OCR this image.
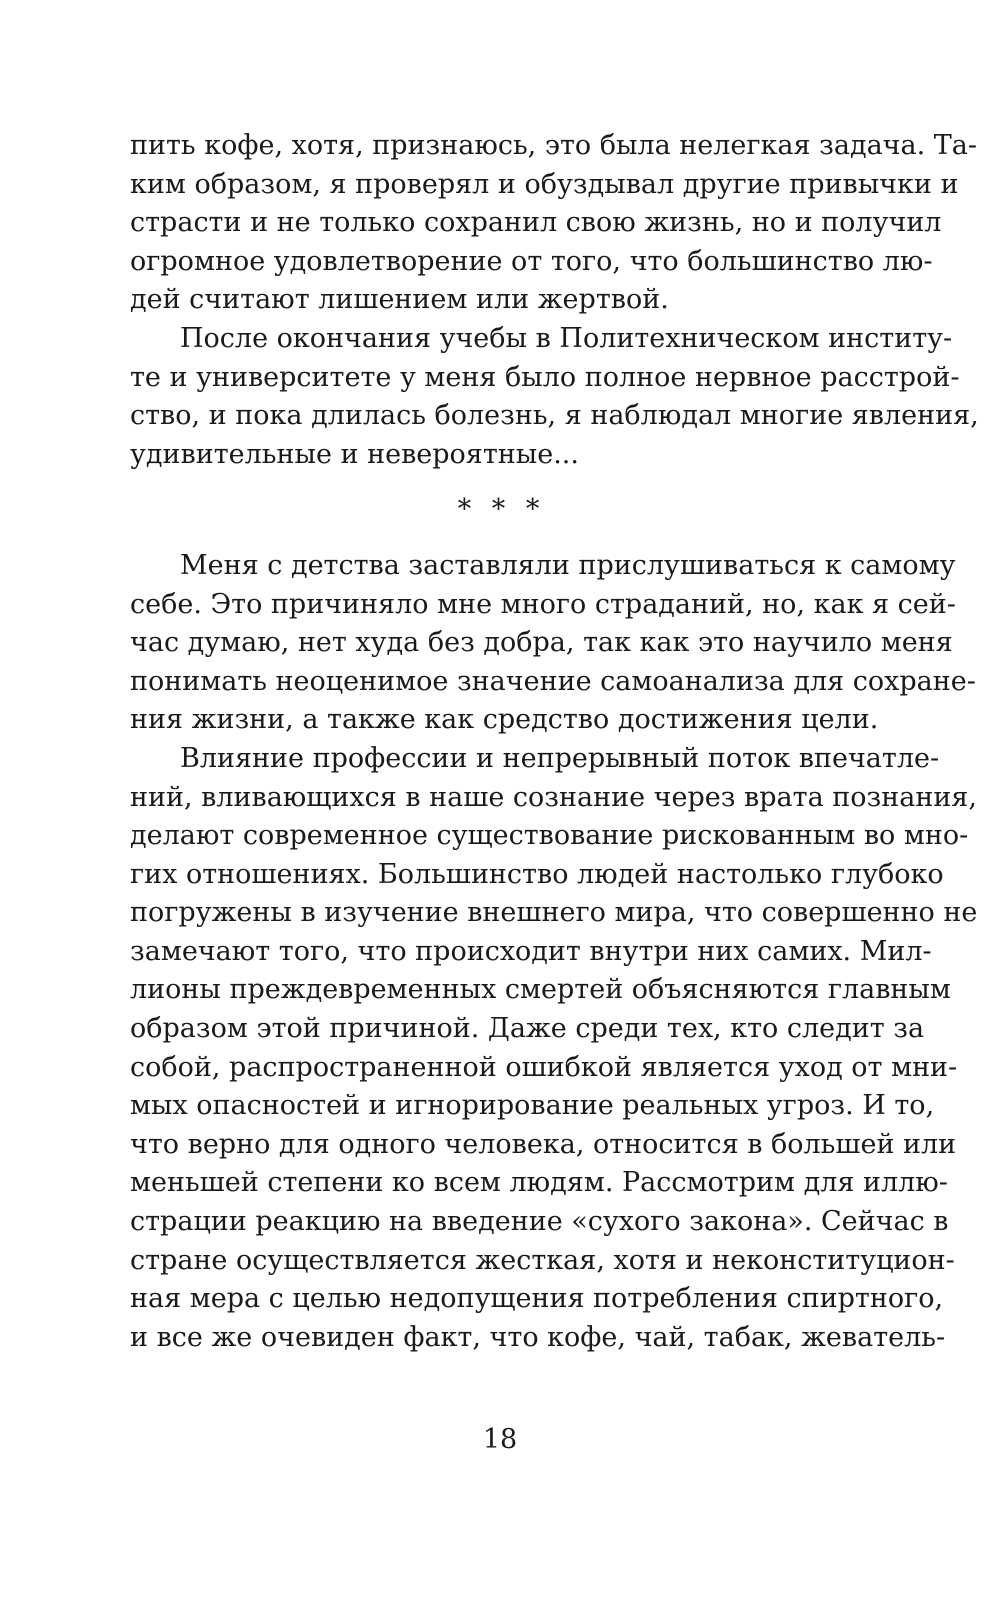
пить кофе, хотя, признаюсь, это была нелегкая задача. Та-
ким образом, я проверял и обуздывал другие привычки и
страсти и не только сохранил свою жизнь, но и получил
огромное удовлетворение от того, что большинство лю-
дей считают лишением или жертвой.
После окончания учебы в Политехническом институ-
те и университете у меня было полное нервное расстрой-
ство, и пока длилась болезнь, я наблюдал многие явления,
удивительные и невероятные...
* * *
Меня с детства заставляли прислушиваться к самому
себе. Это причиняло мне много страданий, но, как я сей-
час думаю, нет худа без добра, так как это научило меня
понимать неоценимое значение самоанализа для сохране-
ния жизни, а также как средство достижения цели.
Влияние профессии и непрерывный поток впечатле-
ний, вливающихся в наше сознание через врата познания,
делают современное существование рискованным во мно-
гих отношениях. Большинство людей настолько глубоко
погружены в изучение внешнего мира, что совершенно не
замечают того, что происходит внутри них самих. Мил-
лионы преждевременных смертей объясняются главным
образом этой причиной. Даже среди тех, кто следит за
собой, распространенной ошибкой является уход от мни-
мых опасностей и игнорирование реальных угроз. И то,
что верно для одного человека, относится в большей или
меньшей степени ко всем людям. Рассмотрим для иллю-
страции реакцию на введение «сухого закона». Сейчас в
стране осуществляется жесткая, хотя и неконституцион-
ная мера с целью недопущения потребления спиртного,
и все же очевиден факт, что кофе, чай, табак, жеватель-
18
